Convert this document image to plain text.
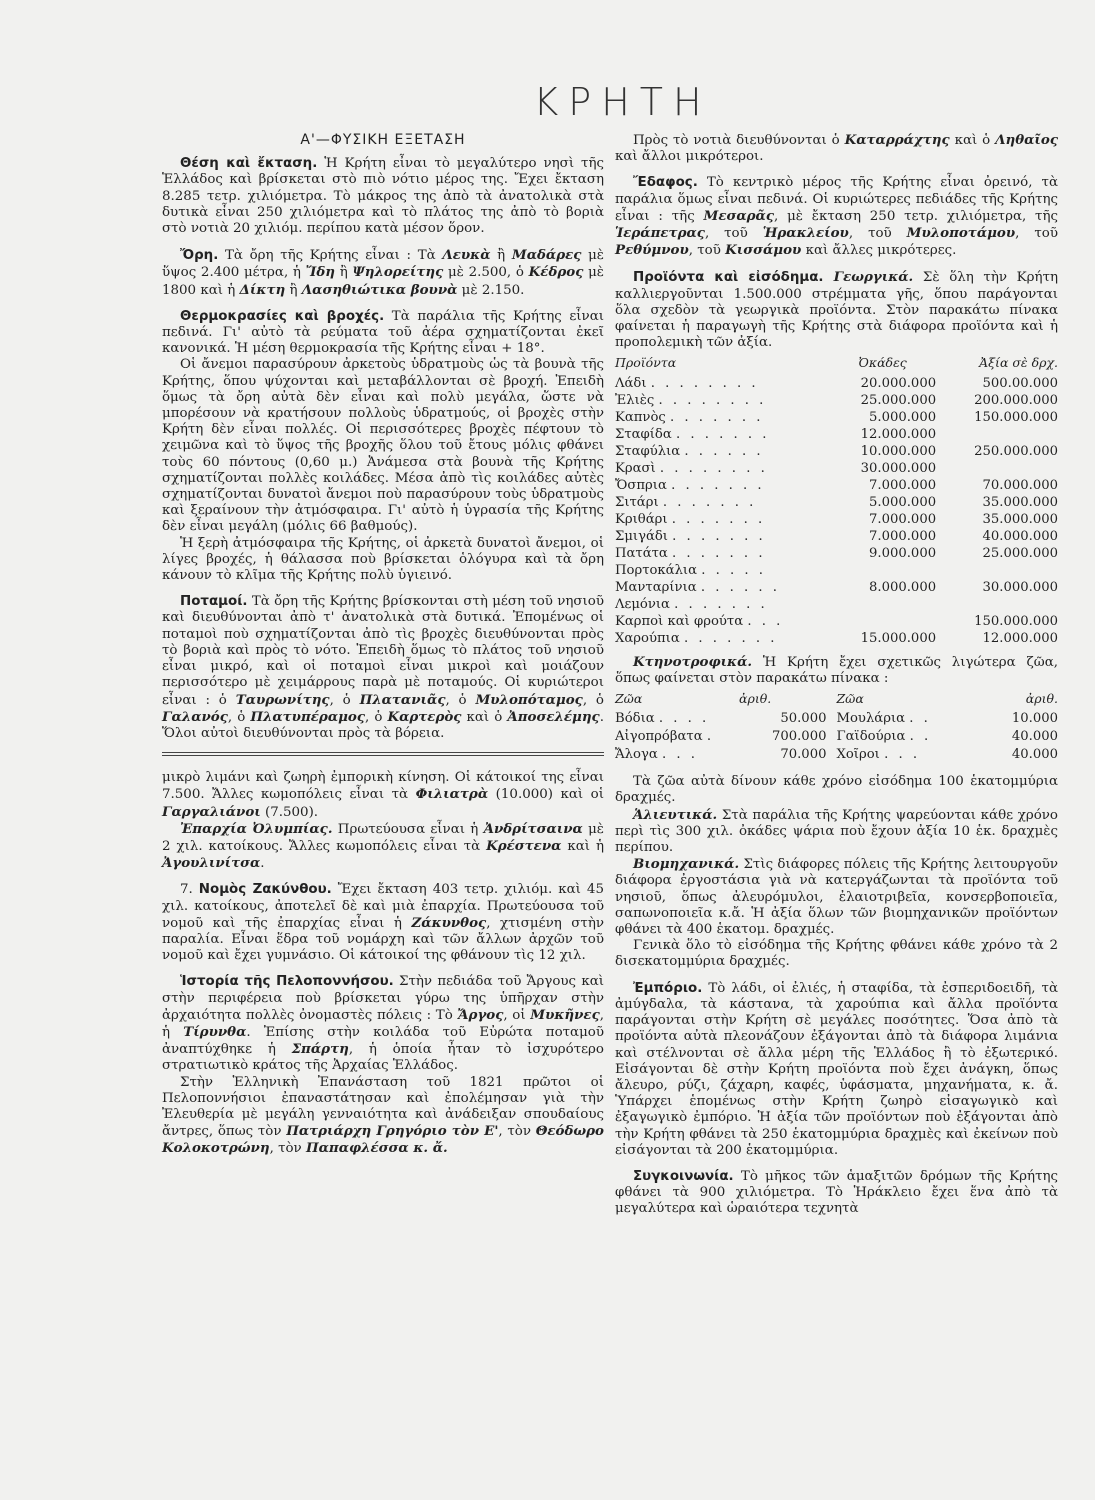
ΚΡΗΤΗ
Α'—ΦΥΣΙΚΗ ΕΞΕΤΑΣΗ

Θέση καὶ ἔκταση. Ἡ Κρήτη εἶναι τὸ μεγαλύτερο νησὶ τῆς Ἑλλάδος καὶ βρίσκεται στὸ πιὸ νότιο μέρος της. Ἔχει ἔκταση 8.285 τετρ. χιλιόμετρα. Τὸ μάκρος της ἀπὸ τὰ ἀνατολικὰ στὰ δυτικὰ εἶναι 250 χιλιόμετρα καὶ τὸ πλάτος της ἀπὸ τὸ βοριὰ στὸ νοτιὰ 20 χιλιόμ. περίπου κατὰ μέσον ὅρον.

Ὄρη. Τὰ ὄρη τῆς Κρήτης εἶναι : Τὰ Λευκὰ ἢ Μαδάρες μὲ ὕψος 2.400 μέτρα, ἡ Ἴδη ἢ Ψηλορείτης μὲ 2.500, ὁ Κέδρος μὲ 1800 καὶ ἡ Δίκτη ἢ Λασηθιώτικα βουνὰ μὲ 2.150.

Θερμοκρασίες καὶ βροχές. Τὰ παράλια τῆς Κρήτης εἶναι πεδινά. Γι' αὐτὸ τὰ ρεύματα τοῦ ἀέρα σχηματίζονται ἐκεῖ κανονικά. Ἡ μέση θερμοκρασία τῆς Κρήτης εἶναι + 18°.

Οἱ ἄνεμοι παρασύρουν ἀρκετοὺς ὑδρατμοὺς ὡς τὰ βουνὰ τῆς Κρήτης, ὅπου ψύχονται καὶ μεταβάλλονται σὲ βροχή. Ἐπειδὴ ὅμως τὰ ὄρη αὐτὰ δὲν εἶναι καὶ πολὺ μεγάλα, ὥστε νὰ μπορέσουν νὰ κρατήσουν πολλοὺς ὑδρατμούς, οἱ βροχὲς στὴν Κρήτη δὲν εἶναι πολλές. Οἱ περισσότερες βροχὲς πέφτουν τὸ χειμῶνα καὶ τὸ ὕψος τῆς βροχῆς ὅλου τοῦ ἔτους μόλις φθάνει τοὺς 60 πόντους (0,60 μ.) Ἀνάμεσα στὰ βουνὰ τῆς Κρήτης σχηματίζονται πολλὲς κοιλάδες. Μέσα ἀπὸ τὶς κοιλάδες αὐτὲς σχηματίζονται δυνατοὶ ἄνεμοι ποὺ παρασύρουν τοὺς ὑδρατμοὺς καὶ ξεραίνουν τὴν ἀτμόσφαιρα. Γι' αὐτὸ ἡ ὑγρασία τῆς Κρήτης δὲν εἶναι μεγάλη (μόλις 66 βαθμούς).

Ἡ ξερὴ ἀτμόσφαιρα τῆς Κρήτης, οἱ ἀρκετὰ δυνατοὶ ἄνεμοι, οἱ λίγες βροχές, ἡ θάλασσα ποὺ βρίσκεται ὁλόγυρα καὶ τὰ ὄρη κάνουν τὸ κλῖμα τῆς Κρήτης πολὺ ὑγιεινό.

Ποταμοί. Τὰ ὄρη τῆς Κρήτης βρίσκονται στὴ μέση τοῦ νησιοῦ καὶ διευθύνονται ἀπὸ τ' ἀνατολικὰ στὰ δυτικά. Ἐπομένως οἱ ποταμοὶ ποὺ σχηματίζονται ἀπὸ τὶς βροχὲς διευθύνονται πρὸς τὸ βοριὰ καὶ πρὸς τὸ νότο. Ἐπειδὴ ὅμως τὸ πλάτος τοῦ νησιοῦ εἶναι μικρό, καὶ οἱ ποταμοὶ εἶναι μικροὶ καὶ μοιάζουν περισσότερο μὲ χειμάρρους παρὰ μὲ ποταμούς. Οἱ κυριώτεροι εἶναι : ὁ Ταυρωνίτης, ὁ Πλατανιᾶς, ὁ Μυλοπόταμος, ὁ Γαλανός, ὁ Πλατυπέραμος, ὁ Καρτερὸς καὶ ὁ Ἀποσελέμης. Ὅλοι αὐτοὶ διευθύνονται πρὸς τὰ βόρεια.

μικρὸ λιμάνι καὶ ζωηρὴ ἐμπορικὴ κίνηση. Οἱ κάτοικοί της εἶναι 7.500. Ἄλλες κωμοπόλεις εἶναι τὰ Φιλιατρὰ (10.000) καὶ οἱ Γαργαλιάνοι (7.500).

Ἐπαρχία Ὀλυμπίας. Πρωτεύουσα εἶναι ἡ Ἀνδρίτσαινα μὲ 2 χιλ. κατοίκους. Ἄλλες κωμοπόλεις εἶναι τὰ Κρέστενα καὶ ἡ Ἀγουλινίτσα.

7. Νομὸς Ζακύνθου. Ἔχει ἔκταση 403 τετρ. χιλιόμ. καὶ 45 χιλ. κατοίκους, ἀποτελεῖ δὲ καὶ μιὰ ἐπαρχία. Πρωτεύουσα τοῦ νομοῦ καὶ τῆς ἐπαρχίας εἶναι ἡ Ζάκυνθος, χτισμένη στὴν παραλία. Εἶναι ἕδρα τοῦ νομάρχη καὶ τῶν ἄλλων ἀρχῶν τοῦ νομοῦ καὶ ἔχει γυμνάσιο. Οἱ κάτοικοί της φθάνουν τὶς 12 χιλ.

Ἱστορία τῆς Πελοποννήσου. Στὴν πεδιάδα τοῦ Ἄργους καὶ στὴν περιφέρεια ποὺ βρίσκεται γύρω της ὑπῆρχαν στὴν ἀρχαιότητα πολλὲς ὀνομαστὲς πόλεις : Τὸ Ἄργος, οἱ Μυκῆνες, ἡ Τίρυνθα. Ἐπίσης στὴν κοιλάδα τοῦ Εὐρώτα ποταμοῦ ἀναπτύχθηκε ἡ Σπάρτη, ἡ ὁποία ἦταν τὸ ἰσχυρότερο στρατιωτικὸ κράτος τῆς Ἀρχαίας Ἑλλάδος.

Στὴν Ἑλληνικὴ Ἐπανάσταση τοῦ 1821 πρῶτοι οἱ Πελοποννήσιοι ἐπαναστάτησαν καὶ ἐπολέμησαν γιὰ τὴν Ἐλευθερία μὲ μεγάλη γενναιότητα καὶ ἀνάδειξαν σπουδαίους ἄντρες, ὅπως τὸν Πατριάρχη Γρηγόριο τὸν Ε', τὸν Θεόδωρο Κολοκοτρώνη, τὸν Παπαφλέσσα κ. ἄ.

Πρὸς τὸ νοτιὰ διευθύνονται ὁ Καταρράχτης καὶ ὁ Ληθαῖος καὶ ἄλλοι μικρότεροι.

Ἔδαφος. Τὸ κεντρικὸ μέρος τῆς Κρήτης εἶναι ὀρεινό, τὰ παράλια ὅμως εἶναι πεδινά. Οἱ κυριώτερες πεδιάδες τῆς Κρήτης εἶναι : τῆς Μεσαρᾶς, μὲ ἔκταση 250 τετρ. χιλιόμετρα, τῆς Ἱεράπετρας, τοῦ Ἡρακλείου, τοῦ Μυλοποτάμου, τοῦ Ρεθύμνου, τοῦ Κισσάμου καὶ ἄλλες μικρότερες.

Προϊόντα καὶ εἰσόδημα. Γεωργικά. Σὲ ὅλη τὴν Κρήτη καλλιεργοῦνται 1.500.000 στρέμματα γῆς, ὅπου παράγονται ὅλα σχεδὸν τὰ γεωργικὰ προϊόντα. Στὸν παρακάτω πίνακα φαίνεται ἡ παραγωγὴ τῆς Κρήτης στὰ διάφορα προϊόντα καὶ ἡ προπολεμικὴ τῶν ἀξία.

Προϊόντα	Ὀκάδες	Ἀξία σὲ δρχ.
Λάδι . . . . . . . .	20.000.000	500.00.000
Ἐλιὲς . . . . . . . .	25.000.000	200.000.000
Καπνὸς . . . . . . .	5.000.000	150.000.000
Σταφίδα . . . . . . .	12.000.000	
Σταφύλια . . . . . .	10.000.000	250.000.000
Κρασὶ . . . . . . . .	30.000.000	
Ὄσπρια . . . . . . .	7.000.000	70.000.000
Σιτάρι . . . . . . .	5.000.000	35.000.000
Κριθάρι . . . . . . .	7.000.000	35.000.000
Σμιγάδι . . . . . . .	7.000.000	40.000.000
Πατάτα . . . . . . .	9.000.000	25.000.000
Πορτοκάλια . . . . .		
Μανταρίνια . . . . . .	8.000.000	30.000.000
Λεμόνια . . . . . . .		
Καρποὶ καὶ φρούτα . . .		150.000.000
Χαρούπια . . . . . . .	15.000.000	12.000.000

Κτηνοτροφικά. Ἡ Κρήτη ἔχει σχετικῶς λιγώτερα ζῶα, ὅπως φαίνεται στὸν παρακάτω πίνακα :

Ζῶα	ἀριθ.	Ζῶα	ἀριθ.
Βόδια . . . .	50.000	Μουλάρια . .	10.000
Αἰγοπρόβατα .	700.000	Γαϊδούρια . .	40.000
Ἄλογα . . .	70.000	Χοῖροι . . .	40.000

Τὰ ζῶα αὐτὰ δίνουν κάθε χρόνο εἰσόδημα 100 ἑκατομμύρια δραχμές.

Ἁλιευτικά. Στὰ παράλια τῆς Κρήτης ψαρεύονται κάθε χρόνο περὶ τὶς 300 χιλ. ὀκάδες ψάρια ποὺ ἔχουν ἀξία 10 ἑκ. δραχμὲς περίπου.

Βιομηχανικά. Στὶς διάφορες πόλεις τῆς Κρήτης λειτουργοῦν διάφορα ἐργοστάσια γιὰ νὰ κατεργάζωνται τὰ προϊόντα τοῦ νησιοῦ, ὅπως ἀλευρόμυλοι, ἐλαιοτριβεῖα, κονσερβοποιεῖα, σαπωνοποιεῖα κ.ἄ. Ἡ ἀξία ὅλων τῶν βιομηχανικῶν προϊόντων φθάνει τὰ 400 ἑκατομ. δραχμές.

Γενικὰ ὅλο τὸ εἰσόδημα τῆς Κρήτης φθάνει κάθε χρόνο τὰ 2 δισεκατομμύρια δραχμές.

Ἐμπόριο. Τὸ λάδι, οἱ ἐλιές, ἡ σταφίδα, τὰ ἐσπεριδοειδῆ, τὰ ἀμύγδαλα, τὰ κάστανα, τὰ χαρούπια καὶ ἄλλα προϊόντα παράγονται στὴν Κρήτη σὲ μεγάλες ποσότητες. Ὅσα ἀπὸ τὰ προϊόντα αὐτὰ πλεονάζουν ἐξάγονται ἀπὸ τὰ διάφορα λιμάνια καὶ στέλνονται σὲ ἄλλα μέρη τῆς Ἑλλάδος ἢ τὸ ἐξωτερικό. Εἰσάγονται δὲ στὴν Κρήτη προϊόντα ποὺ ἔχει ἀνάγκη, ὅπως ἄλευρο, ρύζι, ζάχαρη, καφές, ὑφάσματα, μηχανήματα, κ. ἄ. Ὑπάρχει ἑπομένως στὴν Κρήτη ζωηρὸ εἰσαγωγικὸ καὶ ἐξαγωγικὸ ἐμπόριο. Ἡ ἀξία τῶν προϊόντων ποὺ ἐξάγονται ἀπὸ τὴν Κρήτη φθάνει τὰ 250 ἑκατομμύρια δραχμὲς καὶ ἐκείνων ποὺ εἰσάγονται τὰ 200 ἑκατομμύρια.

Συγκοινωνία. Τὸ μῆκος τῶν ἁμαξιτῶν δρόμων τῆς Κρήτης φθάνει τὰ 900 χιλιόμετρα. Τὸ Ἡράκλειο ἔχει ἕνα ἀπὸ τὰ μεγαλύτερα καὶ ὡραιότερα τεχνητὰ
